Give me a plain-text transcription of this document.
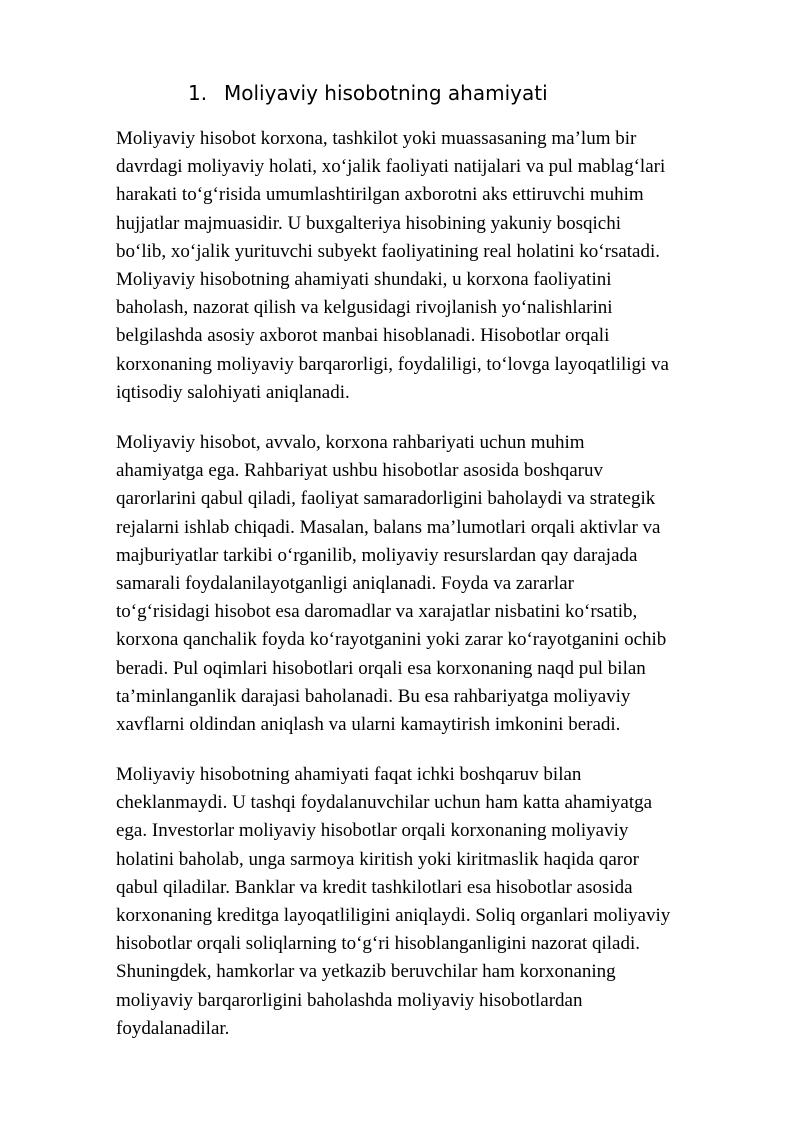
1. Moliyaviy hisobotning ahamiyati
Moliyaviy hisobot korxona, tashkilot yoki muassasaning maʼlum bir
davrdagi moliyaviy holati, xoʻjalik faoliyati natijalari va pul mablagʻlari
harakati toʻgʻrisida umumlashtirilgan axborotni aks ettiruvchi muhim
hujjatlar majmuasidir. U buxgalteriya hisobining yakuniy bosqichi
boʻlib, xoʻjalik yurituvchi subyekt faoliyatining real holatini koʻrsatadi.
Moliyaviy hisobotning ahamiyati shundaki, u korxona faoliyatini
baholash, nazorat qilish va kelgusidagi rivojlanish yoʻnalishlarini
belgilashda asosiy axborot manbai hisoblanadi. Hisobotlar orqali
korxonaning moliyaviy barqarorligi, foydaliligi, toʻlovga layoqatliligi va
iqtisodiy salohiyati aniqlanadi.
Moliyaviy hisobot, avvalo, korxona rahbariyati uchun muhim
ahamiyatga ega. Rahbariyat ushbu hisobotlar asosida boshqaruv
qarorlarini qabul qiladi, faoliyat samaradorligini baholaydi va strategik
rejalarni ishlab chiqadi. Masalan, balans maʼlumotlari orqali aktivlar va
majburiyatlar tarkibi oʻrganilib, moliyaviy resurslardan qay darajada
samarali foydalanilayotganligi aniqlanadi. Foyda va zararlar
toʻgʻrisidagi hisobot esa daromadlar va xarajatlar nisbatini koʻrsatib,
korxona qanchalik foyda koʻrayotganini yoki zarar koʻrayotganini ochib
beradi. Pul oqimlari hisobotlari orqali esa korxonaning naqd pul bilan
taʼminlanganlik darajasi baholanadi. Bu esa rahbariyatga moliyaviy
xavflarni oldindan aniqlash va ularni kamaytirish imkonini beradi.
Moliyaviy hisobotning ahamiyati faqat ichki boshqaruv bilan
cheklanmaydi. U tashqi foydalanuvchilar uchun ham katta ahamiyatga
ega. Investorlar moliyaviy hisobotlar orqali korxonaning moliyaviy
holatini baholab, unga sarmoya kiritish yoki kiritmaslik haqida qaror
qabul qiladilar. Banklar va kredit tashkilotlari esa hisobotlar asosida
korxonaning kreditga layoqatliligini aniqlaydi. Soliq organlari moliyaviy
hisobotlar orqali soliqlarning toʻgʻri hisoblanganligini nazorat qiladi.
Shuningdek, hamkorlar va yetkazib beruvchilar ham korxonaning
moliyaviy barqarorligini baholashda moliyaviy hisobotlardan
foydalanadilar.
